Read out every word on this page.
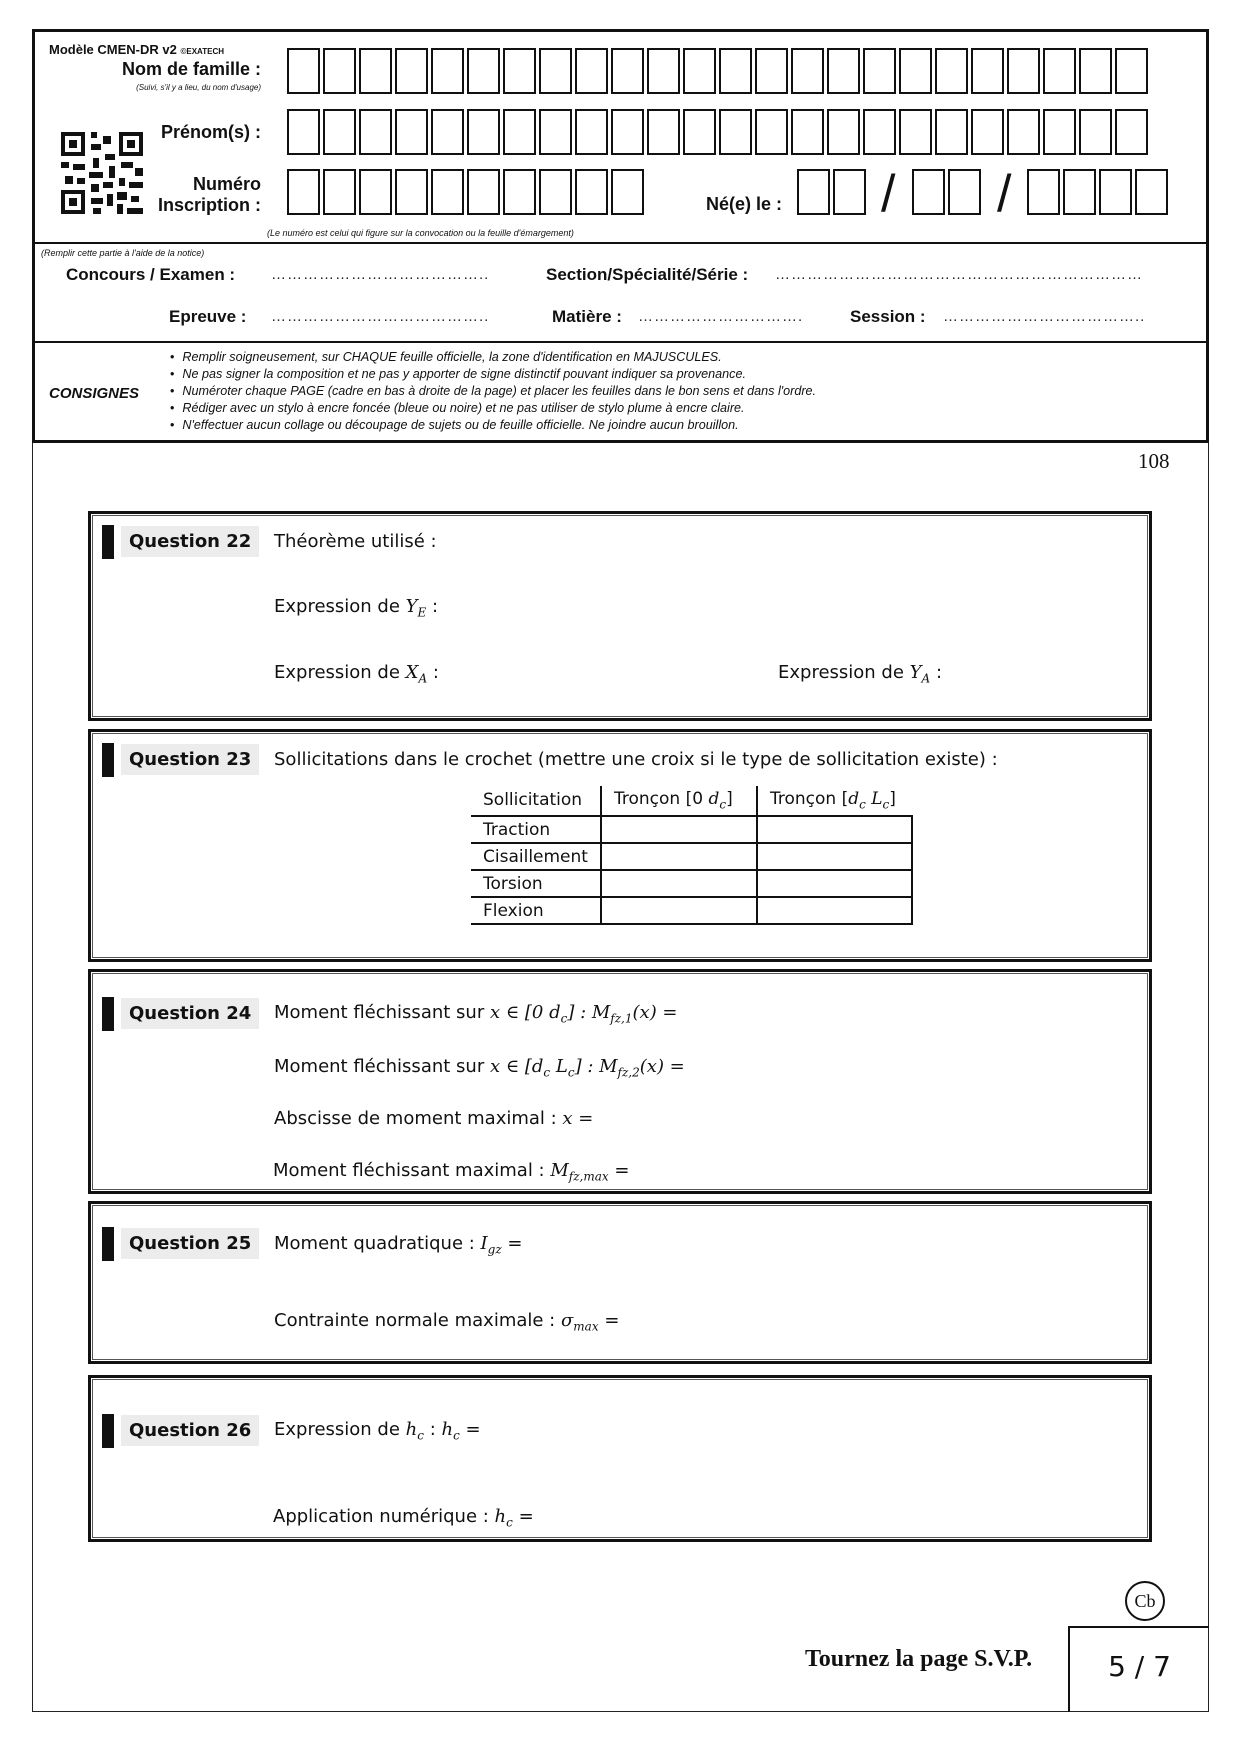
Modèle CMEN-DR v2 ©EXATECH
Nom de famille :
(Suivi, s'il y a lieu, du nom d'usage)
Prénom(s) :
Numéro
Inscription :	Né(e) le : / /
(Le numéro est celui qui figure sur la convocation ou la feuille d'émargement)
(Remplir cette partie à l'aide de la notice)
Concours / Examen : …………………………………..	Section/Spécialité/Série : ……………………………………………………………
Epreuve : …………………………………..	Matière : ………………………….	Session : ………………………………..
CONSIGNES
• Remplir soigneusement, sur CHAQUE feuille officielle, la zone d'identification en MAJUSCULES.
• Ne pas signer la composition et ne pas y apporter de signe distinctif pouvant indiquer sa provenance.
• Numéroter chaque PAGE (cadre en bas à droite de la page) et placer les feuilles dans le bon sens et dans l'ordre.
• Rédiger avec un stylo à encre foncée (bleue ou noire) et ne pas utiliser de stylo plume à encre claire.
• N'effectuer aucun collage ou découpage de sujets ou de feuille officielle. Ne joindre aucun brouillon.
108
Question 22	Théorème utilisé :
Expression de $Y_E$ :
Expression de $X_A$ :	Expression de $Y_A$ :
Question 23	Sollicitations dans le crochet (mettre une croix si le type de sollicitation existe) :
Sollicitation	Tronçon [0 $d_c$]	Tronçon [$d_c$ $L_c$]
Traction		
Cisaillement		
Torsion		
Flexion		
Question 24	Moment fléchissant sur x ∈ [0 $d_c$] : $M_{fz,1}(x)$ =
Moment fléchissant sur x ∈ [$d_c$ $L_c$] : $M_{fz,2}(x)$ =
Abscisse de moment maximal : x =
Moment fléchissant maximal : $M_{fz,max}$ =
Question 25	Moment quadratique : $I_{gz}$ =
Contrainte normale maximale : $\sigma_{max}$ =
Question 26	Expression de $h_c$ : $h_c$ =
Application numérique : $h_c$ =
Cb
Tournez la page S.V.P.	5 / 7
